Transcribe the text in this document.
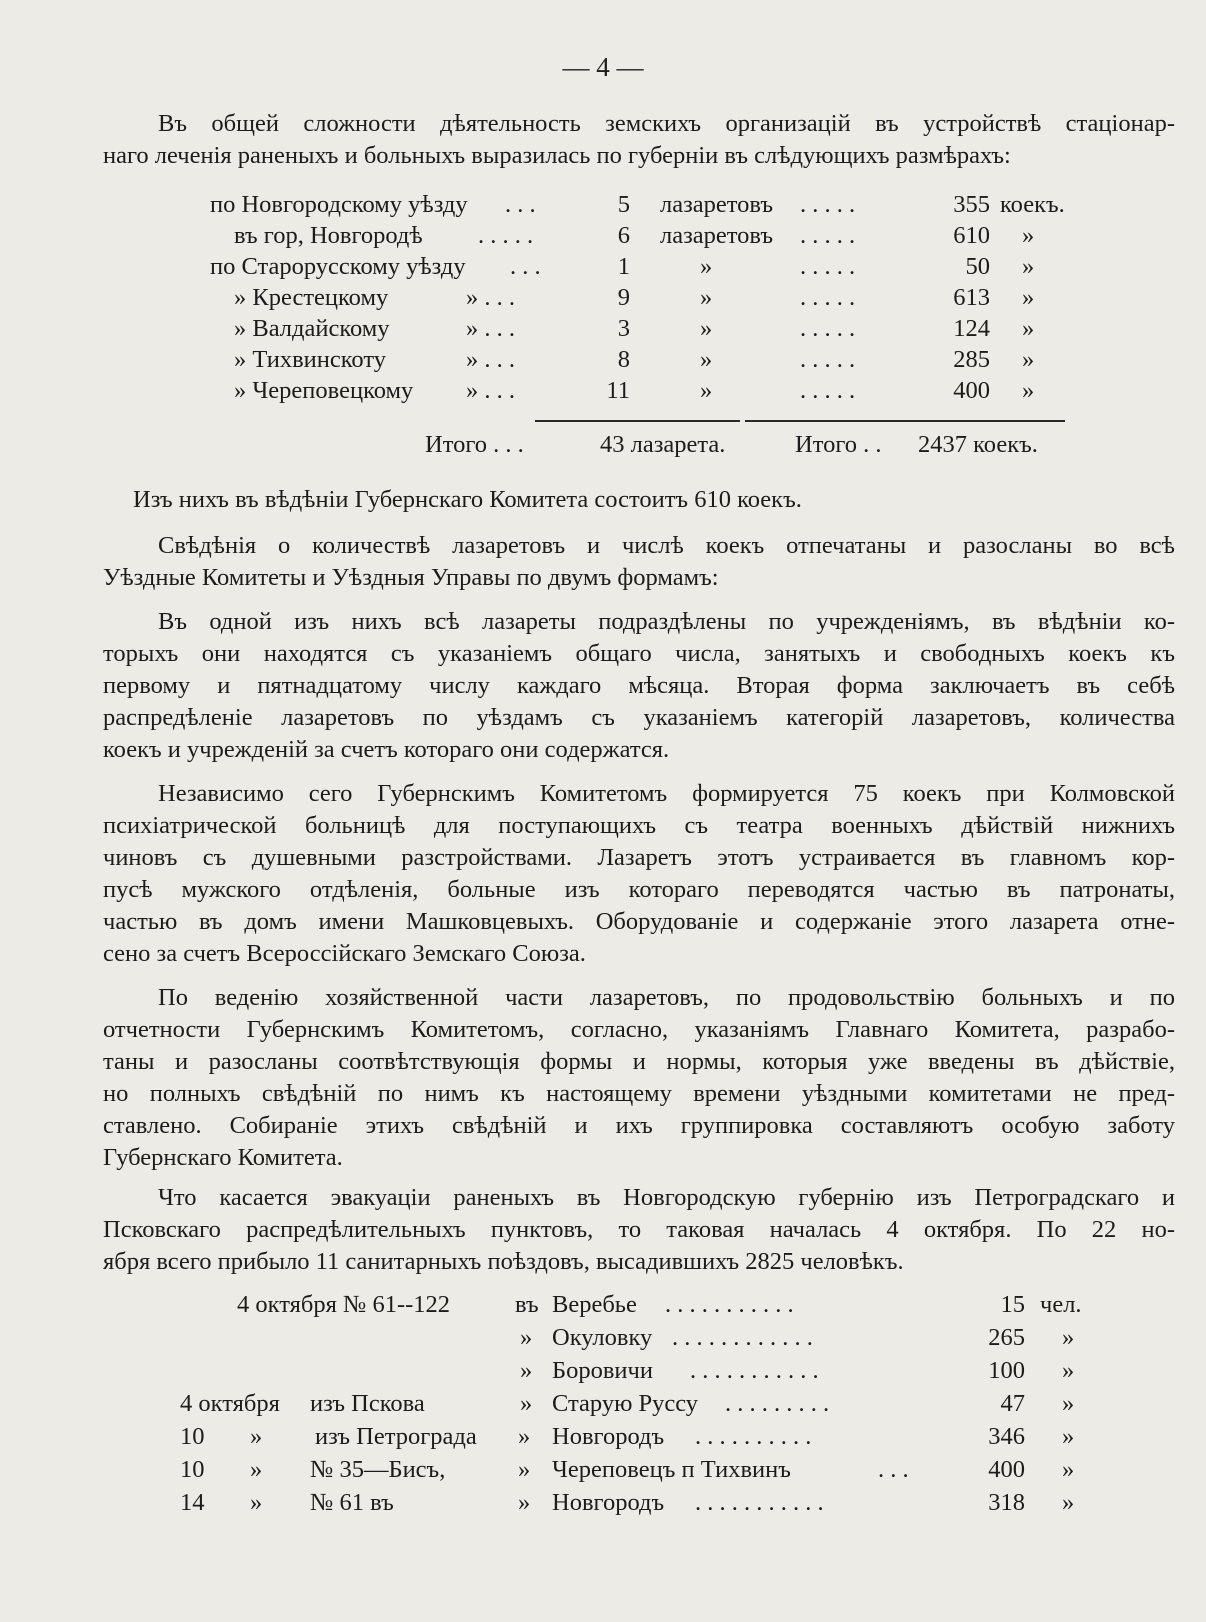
— 4 —

Въ общей сложности дѣятельность земскихъ организацій въ устройствѣ стаціонар-
наго леченія раненыхъ и больныхъ выразилась по губерніи въ слѣдующихъ размѣрахъ:

по Новгородскому уѣзду . . .	5 лазаретовъ . . . . .	355 коекъ.
въ гор, Новгородѣ . . . . .	6 лазаретовъ . . . . .	610 »
по Старорусскому уѣзду . . .	1	»	. . . . .	50 »
» Крестецкому	» . . .	9	»	. . . . .	613 »
» Валдайскому	» . . .	3	»	. . . . .	124 »
» Тихвинскоту	» . . .	8	»	. . . . .	285 »
» Череповецкому » . . .	11	»	. . . . .	400 »
Итого . . .	43 лазарета.	Итого . . 2437 коекъ.

Изъ нихъ въ вѣдѣніи Губернскаго Комитета состоитъ 610 коекъ.

Свѣдѣнія о количествѣ лазаретовъ и числѣ коекъ отпечатаны и разосланы во всѣ
Уѣздные Комитеты и Уѣздныя Управы по двумъ формамъ:

Въ одной изъ нихъ всѣ лазареты подраздѣлены по учрежденіямъ, въ вѣдѣніи ко-
торыхъ они находятся съ указаніемъ общаго числа, занятыхъ и свободныхъ коекъ къ
первому и пятнадцатому числу каждаго мѣсяца. Вторая форма заключаетъ въ себѣ
распредѣленіе лазаретовъ по уѣздамъ съ указаніемъ категорій лазаретовъ, количества
коекъ и учрежденій за счетъ котораго они содержатся.

Независимо сего Губернскимъ Комитетомъ формируется 75 коекъ при Колмовской
психіатрической больницѣ для поступающихъ съ театра военныхъ дѣйствій нижнихъ
чиновъ съ душевными разстройствами. Лазаретъ этотъ устраивается въ главномъ кор-
пусѣ мужского отдѣленія, больные изъ котораго переводятся частью въ патронаты,
частью въ домъ имени Машковцевыхъ. Оборудованіе и содержаніе этого лазарета отне-
сено за счетъ Всероссійскаго Земскаго Союза.

По веденію хозяйственной части лазаретовъ, по продовольствію больныхъ и по
отчетности Губернскимъ Комитетомъ, согласно, указаніямъ Главнаго Комитета, разрабо-
таны и разосланы соотвѣтствующія формы и нормы, которыя уже введены въ дѣйствіе,
но полныхъ свѣдѣній по нимъ къ настоящему времени уѣздными комитетами не пред-
ставлено. Собираніе этихъ свѣдѣній и ихъ группировка составляютъ особую заботу
Губернскаго Комитета.

Что касается эвакуаціи раненыхъ въ Новгородскую губернію изъ Петроградскаго и
Псковскаго распредѣлительныхъ пунктовъ, то таковая началась 4 октября. По 22 но-
ября всего прибыло 11 санитарныхъ поѣздовъ, высадившихъ 2825 человѣкъ.

4 октября № 61--122	въ Веребье . . . . . . . . . . .	15 чел.
» Окуловку . . . . . . . . . . . .	265 »
» Боровичи . . . . . . . . . . .	100 »
4 октября изъ Пскова	» Старую Руссу . . . . . . . . .	47 »
10 » изъ Петрограда » Новгородъ . . . . . . . . . .	346 »
10 » № 35—Бисъ,	» Череповецъ п Тихвинъ	. . .	400 »
14 » № 61 въ	» Новгородъ . . . . . . . . . . .	318 »
